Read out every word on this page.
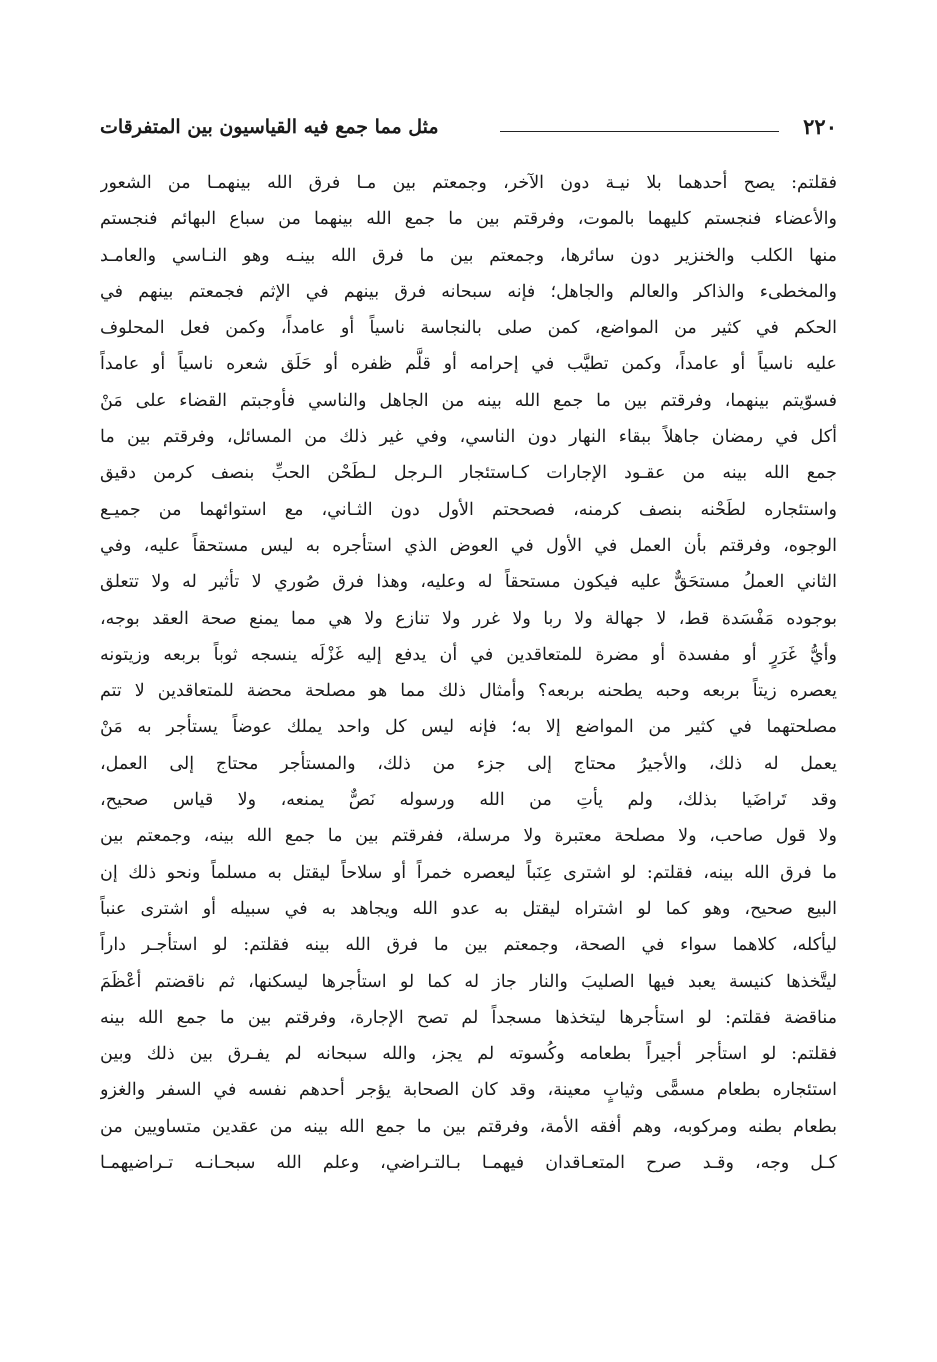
٢٢٠
مثل مما جمع فيه القياسيون بين المتفرقات
فقلتم: يصح أحدهما بلا نيـة دون الآخر، وجمعتم بين مـا فرق الله بينهمـا من الشعور
والأعضاء فنجستم كليهما بالموت، وفرقتم بين ما جمع الله بينهما من سباع البهائم فنجستم
منها الكلب والخنزير دون سائرها، وجمعتم بين ما فرق الله بينـه وهو النـاسي والعامـد
والمخطىء والذاكر والعالم والجاهل؛ فإنه سبحانه فرق بينهم في الإثم فجمعتم بينهم في
الحكم في كثير من المواضع، كمن صلى بالنجاسة ناسياً أو عامداً، وكمن فعل المحلوف
عليه ناسياً أو عامداً، وكمن تطيَّب في إحرامه أو قلَّم ظفره أو حَلَق شعره ناسياً أو عامداً
فسوّيتم بينهما، وفرقتم بين ما جمع الله بينه من الجاهل والناسي فأوجبتم القضاء على مَنْ
أكل في رمضان جاهلاً ببقاء النهار دون الناسي، وفي غير ذلك من المسائل، وفرقتم بين ما
جمع الله بينه من عقـود الإجارات كـاستئجار الـرجل لـطَحْن الحبِّ بنصف كرمن دقيق
واستئجاره لطَحْنه بنصف كرمنه، فصححتم الأول دون الثـاني، مع استوائهما من جميـع
الوجوه، وفرقتم بأن العمل في الأول في العوض الذي استأجره به ليس مستحقاً عليه، وفي
الثاني العملُ مستحَقٌّ عليه فيكون مستحقاً له وعليه، وهذا فرق صُوري لا تأثير له ولا تتعلق
بوجوده مَفْسَدة قط، لا جهالة ولا ربا ولا غرر ولا تنازع ولا هي مما يمنع صحة العقد بوجه،
وأيُّ غَرَرٍ أو مفسدة أو مضرة للمتعاقدين في أن يدفع إليه غَزْلَه ينسجه ثوباً بربعه وزيتونه
يعصره زيتاً بربعه وحبه يطحنه بربعه؟ وأمثال ذلك مما هو مصلحة محضة للمتعاقدين لا تتم
مصلحتهما في كثير من المواضع إلا به؛ فإنه ليس كل واحد يملك عوضاً يستأجر به مَنْ
يعمل له ذلك، والأجيرُ محتاج إلى جزء من ذلك، والمستأجر محتاج إلى العمل،
وقد تَراضَيا بذلك، ولم يأتِ من الله ورسوله نَصٌّ يمنعه، ولا قياس صحيح،
ولا قول صاحب، ولا مصلحة معتبرة ولا مرسلة، ففرقتم بين ما جمع الله بينه، وجمعتم بين
ما فرق الله بينه، فقلتم: لو اشترى عِنَباً ليعصره خمراً أو سلاحاً ليقتل به مسلماً ونحو ذلك إن
البيع صحيح، وهو كما لو اشتراه ليقتل به عدو الله ويجاهد به في سبيله أو اشترى عنباً
ليأكله، كلاهما سواء في الصحة، وجمعتم بين ما فرق الله بينه فقلتم: لو استأجـر داراً
ليتَّخذها كنيسة يعبد فيها الصليبَ والنار جاز له كما لو استأجرها ليسكنها، ثم ناقضتم أعْظَمَ
مناقضة فقلتم: لو استأجرها ليتخذها مسجداً لم تصح الإجارة، وفرقتم بين ما جمع الله بينه
فقلتم: لو استأجر أجيراً بطعامه وكُسوته لم يجز، والله سبحانه لم يفـرق بين ذلك وبين
استئجاره بطعام مسمًّى وثيابٍ معينة، وقد كان الصحابة يؤجر أحدهم نفسه في السفر والغزو
بطعام بطنه ومركوبه، وهم أفقه الأمة، وفرقتم بين ما جمع الله بينه من عقدين متساويين من
كـل وجه، وقـد صرح المتعـاقدان فيهمـا بـالتـراضي، وعلم الله سبحـانـه تـراضيهمـا
